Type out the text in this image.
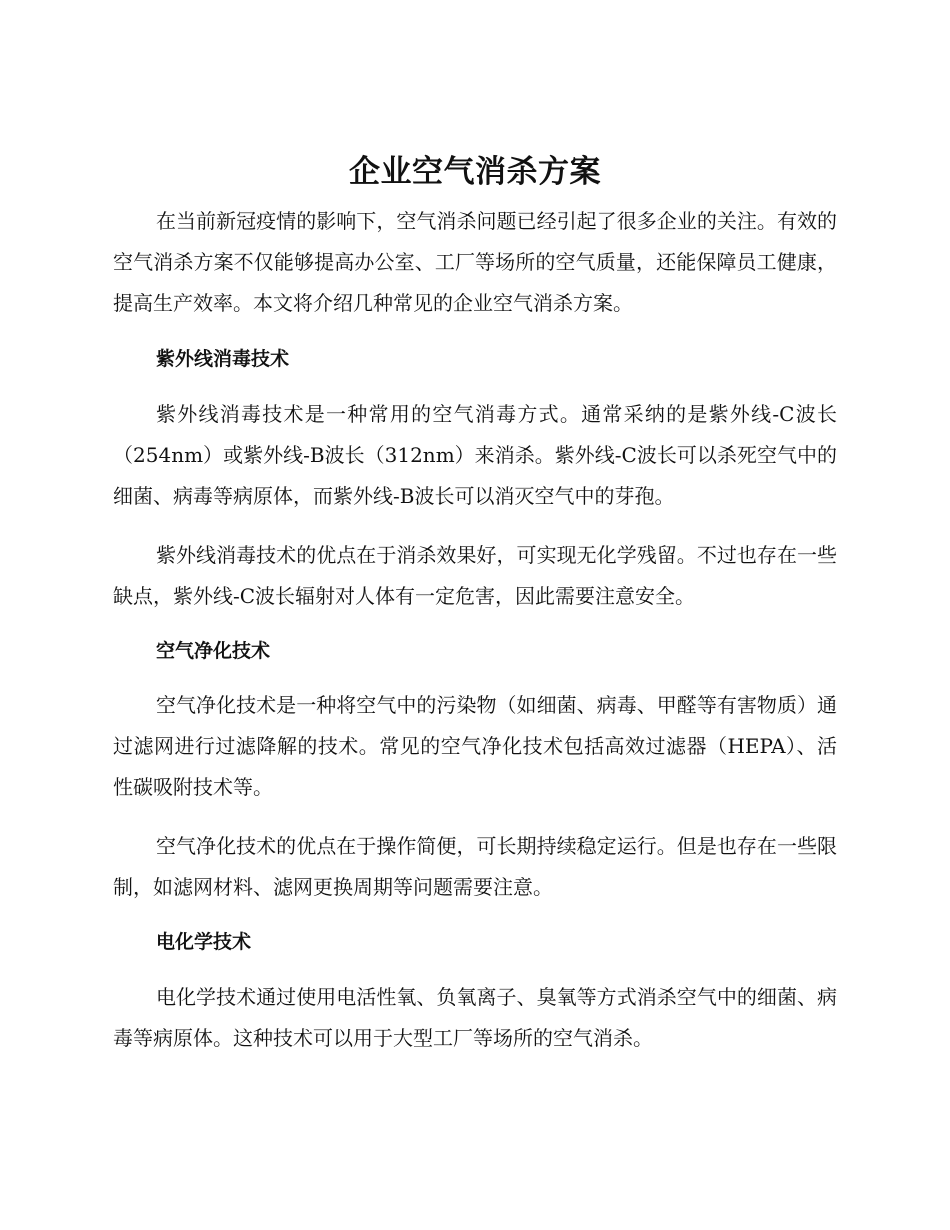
企业空气消杀方案

在当前新冠疫情的影响下，空气消杀问题已经引起了很多企业的关注。有效的空气消杀方案不仅能够提高办公室、工厂等场所的空气质量，还能保障员工健康，提高生产效率。本文将介绍几种常见的企业空气消杀方案。

紫外线消毒技术

紫外线消毒技术是一种常用的空气消毒方式。通常采纳的是紫外线-C波长（254nm）或紫外线-B波长（312nm）来消杀。紫外线-C波长可以杀死空气中的细菌、病毒等病原体，而紫外线-B波长可以消灭空气中的芽孢。

紫外线消毒技术的优点在于消杀效果好，可实现无化学残留。不过也存在一些缺点，紫外线-C波长辐射对人体有一定危害，因此需要注意安全。

空气净化技术

空气净化技术是一种将空气中的污染物（如细菌、病毒、甲醛等有害物质）通过滤网进行过滤降解的技术。常见的空气净化技术包括高效过滤器（HEPA）、活性碳吸附技术等。

空气净化技术的优点在于操作简便，可长期持续稳定运行。但是也存在一些限制，如滤网材料、滤网更换周期等问题需要注意。

电化学技术

电化学技术通过使用电活性氧、负氧离子、臭氧等方式消杀空气中的细菌、病毒等病原体。这种技术可以用于大型工厂等场所的空气消杀。
